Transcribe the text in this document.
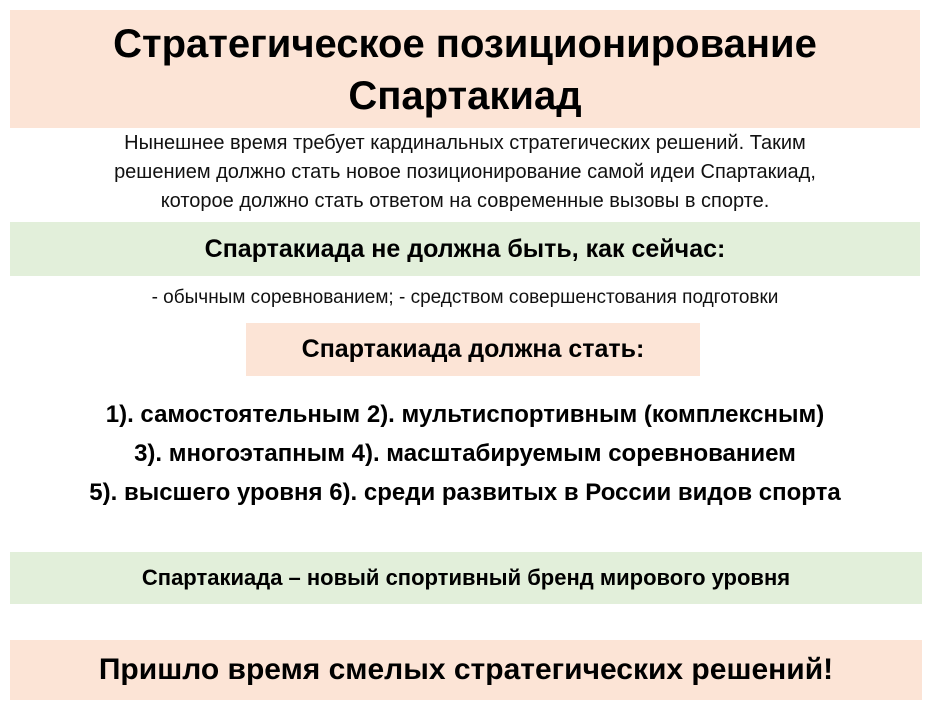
Стратегическое позиционирование
Спартакиад

Нынешнее время требует кардинальных стратегических решений. Таким

решением должно стать новое позиционирование самой идеи Спартакиад,

которое должно стать ответом на современные вызовы в спорте.

Спартакиада не должна быть, как сейчас:
- обычным соревнованием; - средством совершенстования подготовки
Спартакиада должна стать:

1). самостоятельным 2). мультиспортивным (комплексным)

3). многоэтапным 4). масштабируемым соревнованием

5). высшего уровня 6). среди развитых в России видов спорта

Спартакиада – новый спортивный бренд мирового уровня
Пришло время смелых стратегических решений!
